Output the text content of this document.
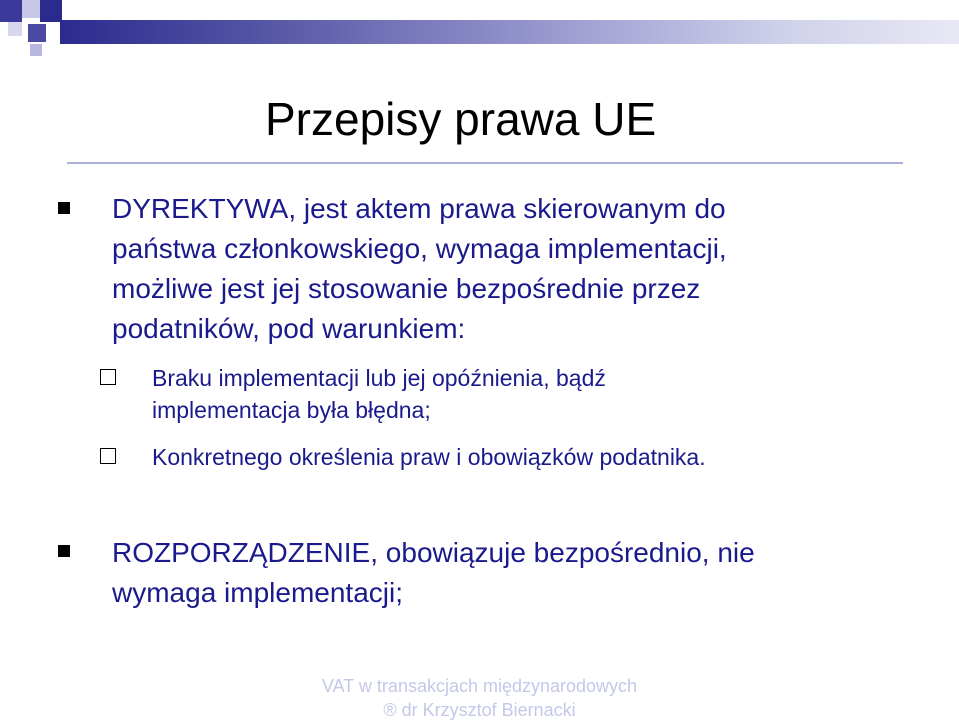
Przepisy prawa UE
DYREKTYWA, jest aktem prawa skierowanym do
państwa członkowskiego, wymaga implementacji,
możliwe jest jej stosowanie bezpośrednie przez
podatników, pod warunkiem:
Braku implementacji lub jej opóźnienia, bądź
implementacja była błędna;
Konkretnego określenia praw i obowiązków podatnika.
ROZPORZĄDZENIE, obowiązuje bezpośrednio, nie
wymaga implementacji;
VAT w transakcjach międzynarodowych
® dr Krzysztof Biernacki
